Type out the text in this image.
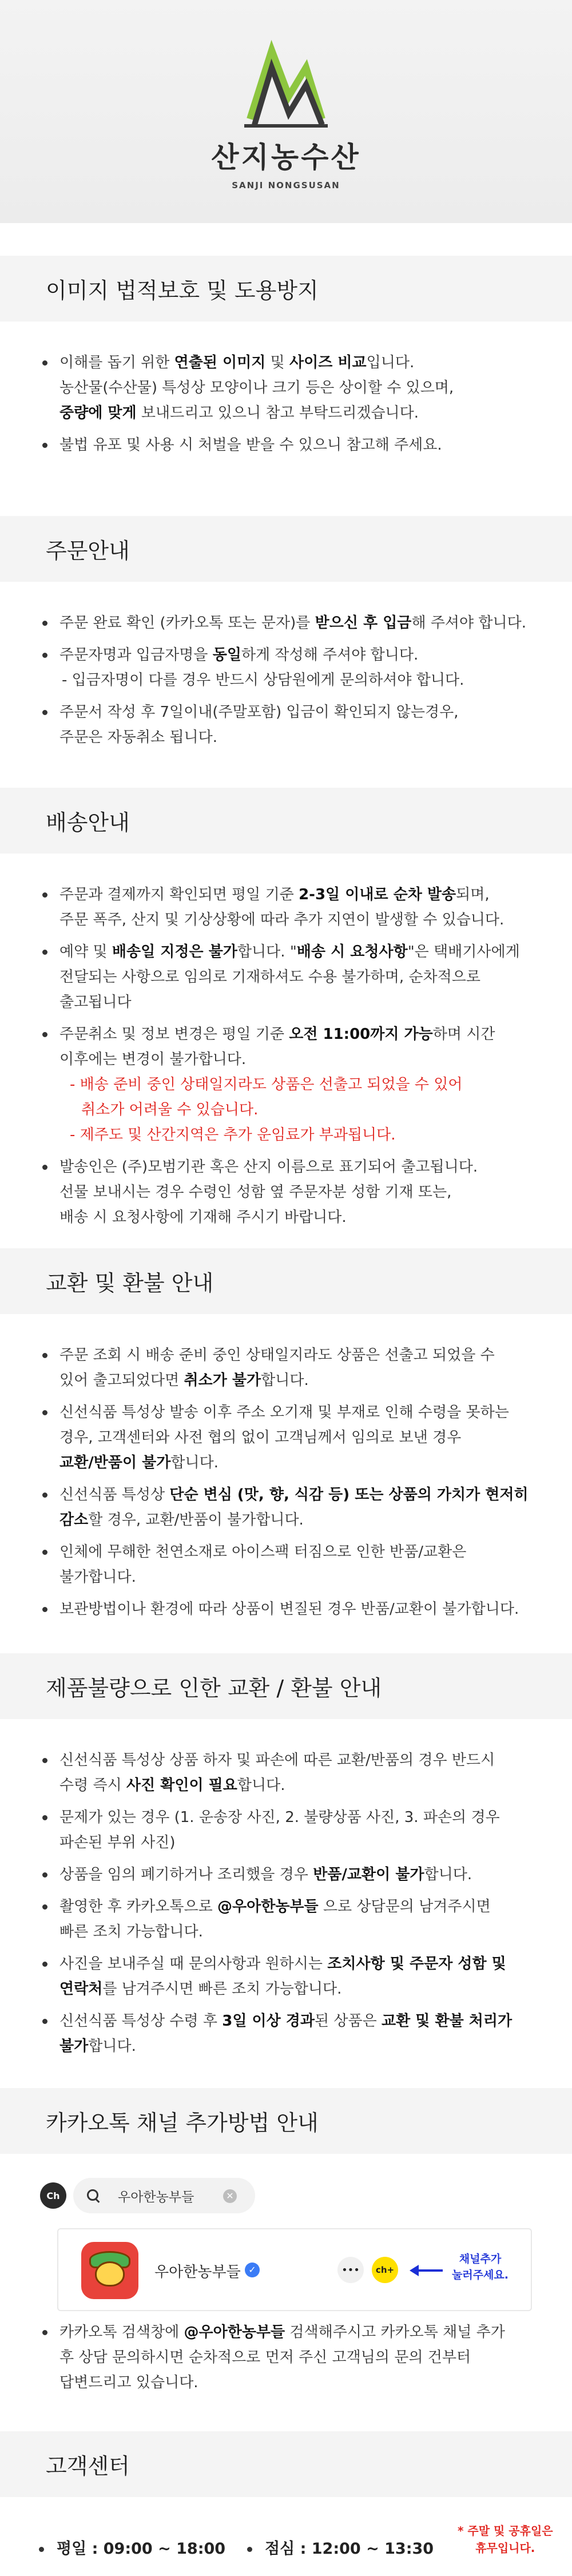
산지농수산
SANJI NONGSUSAN
이미지 법적보호 및 도용방지
이해를 돕기 위한 연출된 이미지 및 사이즈 비교입니다.
농산물(수산물) 특성상 모양이나 크기 등은 상이할 수 있으며,
중량에 맞게 보내드리고 있으니 참고 부탁드리겠습니다.
불법 유포 및 사용 시 처벌을 받을 수 있으니 참고해 주세요.
주문안내
주문 완료 확인 (카카오톡 또는 문자)를 받으신 후 입금해 주셔야 합니다.
주문자명과 입금자명을 동일하게 작성해 주셔야 합니다.
- 입금자명이 다를 경우 반드시 상담원에게 문의하셔야 합니다.
주문서 작성 후 7일이내(주말포함) 입금이 확인되지 않는경우,
주문은 자동취소 됩니다.
배송안내
주문과 결제까지 확인되면 평일 기준 2-3일 이내로 순차 발송되며,
주문 폭주, 산지 및 기상상황에 따라 추가 지연이 발생할 수 있습니다.
예약 및 배송일 지정은 불가합니다. "배송 시 요청사항"은 택배기사에게
전달되는 사항으로 임의로 기재하셔도 수용 불가하며, 순차적으로
출고됩니다
주문취소 및 정보 변경은 평일 기준 오전 11:00까지 가능하며 시간
이후에는 변경이 불가합니다.
- 배송 준비 중인 상태일지라도 상품은 선출고 되었을 수 있어
취소가 어려울 수 있습니다.
- 제주도 및 산간지역은 추가 운임료가 부과됩니다.
발송인은 (주)모범기관 혹은 산지 이름으로 표기되어 출고됩니다.
선물 보내시는 경우 수령인 성함 옆 주문자분 성함 기재 또는,
배송 시 요청사항에 기재해 주시기 바랍니다.
교환 및 환불 안내
주문 조회 시 배송 준비 중인 상태일지라도 상품은 선출고 되었을 수
있어 출고되었다면 취소가 불가합니다.
신선식품 특성상 발송 이후 주소 오기재 및 부재로 인해 수령을 못하는
경우, 고객센터와 사전 협의 없이 고객님께서 임의로 보낸 경우
교환/반품이 불가합니다.
신선식품 특성상 단순 변심 (맛, 향, 식감 등) 또는 상품의 가치가 현저히
감소할 경우, 교환/반품이 불가합니다.
인체에 무해한 천연소재로 아이스팩 터짐으로 인한 반품/교환은
불가합니다.
보관방법이나 환경에 따라 상품이 변질된 경우 반품/교환이 불가합니다.
제품불량으로 인한 교환 / 환불 안내
신선식품 특성상 상품 하자 및 파손에 따른 교환/반품의 경우 반드시
수령 즉시 사진 확인이 필요합니다.
문제가 있는 경우 (1. 운송장 사진, 2. 불량상품 사진, 3. 파손의 경우
파손된 부위 사진)
상품을 임의 폐기하거나 조리했을 경우 반품/교환이 불가합니다.
촬영한 후 카카오톡으로 @우아한농부들 으로 상담문의 남겨주시면
빠른 조치 가능합니다.
사진을 보내주실 때 문의사항과 원하시는 조치사항 및 주문자 성함 및
연락처를 남겨주시면 빠른 조치 가능합니다.
신선식품 특성상 수령 후 3일 이상 경과된 상품은 교환 및 환불 처리가
불가합니다.
카카오톡 채널 추가방법 안내
Ch	우아한농부들	✕
우아한농부들 ✓	•••	ch+
채널추가
눌러주세요.
카카오톡 검색창에 @우아한농부들 검색해주시고 카카오톡 채널 추가
후 상담 문의하시면 순차적으로 먼저 주신 고객님의 문의 건부터
답변드리고 있습니다.
고객센터
평일 : 09:00 ~ 18:00	점심 : 12:00 ~ 13:30
* 주말 및 공휴일은
휴무입니다.
